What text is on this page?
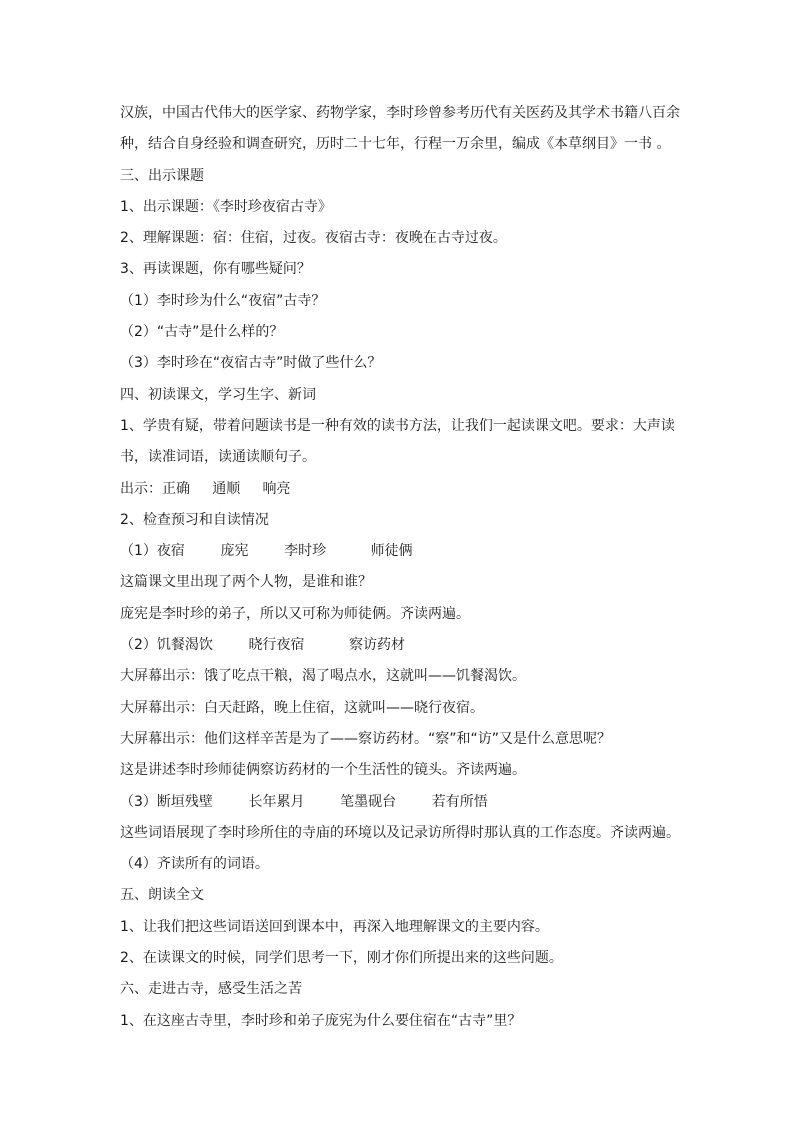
汉族，中国古代伟大的医学家、药物学家，李时珍曾参考历代有关医药及其学术书籍八百余
种，结合自身经验和调查研究，历时二十七年，行程一万余里，编成《本草纲目》一书 。
三、出示课题
1、出示课题：《李时珍夜宿古寺》
2、理解课题：宿：住宿，过夜。夜宿古寺：夜晚在古寺过夜。
3、再读课题，你有哪些疑问？
（1）李时珍为什么“夜宿”古寺？
（2）“古寺”是什么样的？
（3）李时珍在“夜宿古寺”时做了些什么？
四、初读课文，学习生字、新词
1、学贵有疑，带着问题读书是一种有效的读书方法，让我们一起读课文吧。要求：大声读
书，读准词语，读通读顺句子。
出示：正确     通顺     响亮
2、检查预习和自读情况
（1）夜宿        庞宪        李时珍          师徒俩
这篇课文里出现了两个人物，是谁和谁？
庞宪是李时珍的弟子，所以又可称为师徒俩。齐读两遍。
（2）饥餐渴饮        晓行夜宿          察访药材
大屏幕出示：饿了吃点干粮，渴了喝点水，这就叫——饥餐渴饮。
大屏幕出示：白天赶路，晚上住宿，这就叫——晓行夜宿。
大屏幕出示：他们这样辛苦是为了——察访药材。“察”和“访”又是什么意思呢？
这是讲述李时珍师徒俩察访药材的一个生活性的镜头。齐读两遍。
（3）断垣残壁        长年累月        笔墨砚台        若有所悟
这些词语展现了李时珍所住的寺庙的环境以及记录访所得时那认真的工作态度。齐读两遍。
（4）齐读所有的词语。
五、朗读全文
1、让我们把这些词语送回到课本中，再深入地理解课文的主要内容。
2、在读课文的时候，同学们思考一下，刚才你们所提出来的这些问题。
六、走进古寺，感受生活之苦
1、在这座古寺里，李时珍和弟子庞宪为什么要住宿在“古寺”里？
